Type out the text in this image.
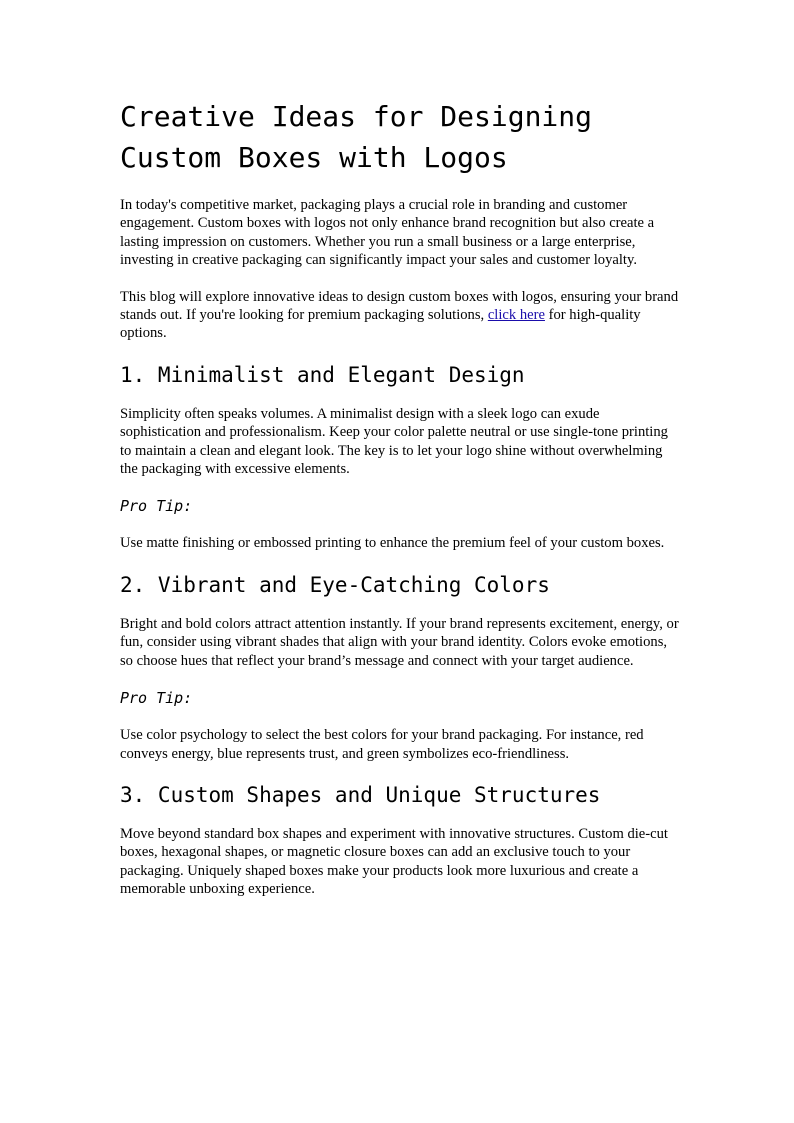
Creative Ideas for Designing
Custom Boxes with Logos

In today's competitive market, packaging plays a crucial role in branding and customer engagement. Custom boxes with logos not only enhance brand recognition but also create a lasting impression on customers. Whether you run a small business or a large enterprise, investing in creative packaging can significantly impact your sales and customer loyalty.

This blog will explore innovative ideas to design custom boxes with logos, ensuring your brand stands out. If you're looking for premium packaging solutions, click here for high-quality options.

1. Minimalist and Elegant Design

Simplicity often speaks volumes. A minimalist design with a sleek logo can exude sophistication and professionalism. Keep your color palette neutral or use single-tone printing to maintain a clean and elegant look. The key is to let your logo shine without overwhelming the packaging with excessive elements.

Pro Tip:

Use matte finishing or embossed printing to enhance the premium feel of your custom boxes.

2. Vibrant and Eye-Catching Colors

Bright and bold colors attract attention instantly. If your brand represents excitement, energy, or fun, consider using vibrant shades that align with your brand identity. Colors evoke emotions, so choose hues that reflect your brand’s message and connect with your target audience.

Pro Tip:

Use color psychology to select the best colors for your brand packaging. For instance, red conveys energy, blue represents trust, and green symbolizes eco-friendliness.

3. Custom Shapes and Unique Structures

Move beyond standard box shapes and experiment with innovative structures. Custom die-cut boxes, hexagonal shapes, or magnetic closure boxes can add an exclusive touch to your packaging. Uniquely shaped boxes make your products look more luxurious and create a memorable unboxing experience.
